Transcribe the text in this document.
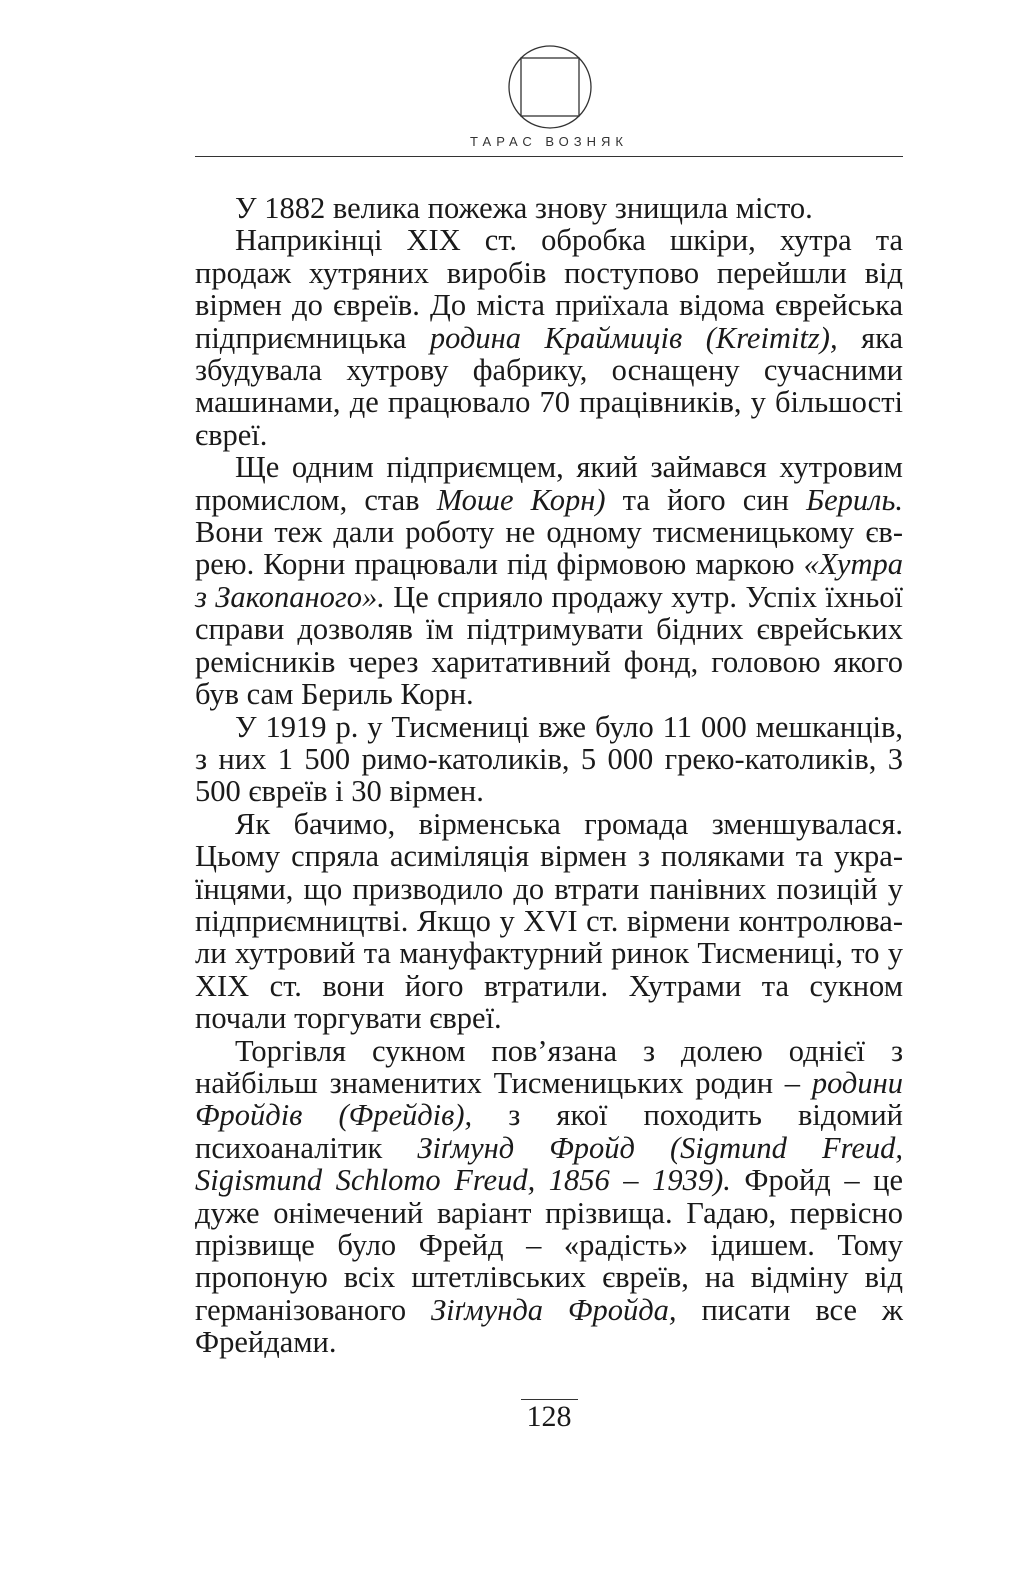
ТАРАС ВОЗНЯК

У 1882 велика пожежа знову знищила місто.

Наприкінці XIX ст. обробка шкіри, хутра та продаж хутряних виробів поступово перейшли від вірмен до євреїв. До міста приїхала відома єврейська підприємницька родина Краймиців (Kreimitz), яка збудувала хутрову фабрику, оснащену сучасними машинами, де працювало 70 працівників, у більшості євреї.

Ще одним підприємцем, який займався хутровим промислом, став Моше Корн) та його син Бериль. Вони теж дали роботу не одному тисменицькому єврею. Корни працювали під фірмовою маркою «Хутра з Закопаного». Це сприяло продажу хутр. Успіх їхньої справи дозволяв їм підтримувати бідних єврейських ремісників через харитативний фонд, головою якого був сам Бериль Корн.

У 1919 р. у Тисмениці вже було 11 000 мешканців, з них 1 500 римо-католиків, 5 000 греко-католиків, 3 500 євреїв і 30 вірмен.

Як бачимо, вірменська громада зменшувалася. Цьому спряла асиміляція вірмен з поляками та українцями, що призводило до втрати панівних позицій у підприємництві. Якщо у XVI ст. вірмени контролювали хутровий та мануфактурний ринок Тисмениці, то у XIX ст. вони його втратили. Хутрами та сукном почали торгувати євреї.

Торгівля сукном пов’язана з долею однієї з найбільш знаменитих Тисменицьких родин – родини Фройдів (Фрейдів), з якої походить відомий психоаналітик Зіґмунд Фройд (Sigmund Freud, Sigismund Schlomo Freud, 1856 – 1939). Фройд – це дуже онімечений варіант прізвища. Гадаю, первісно прізвище було Фрейд – «радість» ідишем. Тому пропоную всіх штетлівських євреїв, на відміну від германізованого Зіґмунда Фройда, писати все ж Фрейдами.

128
